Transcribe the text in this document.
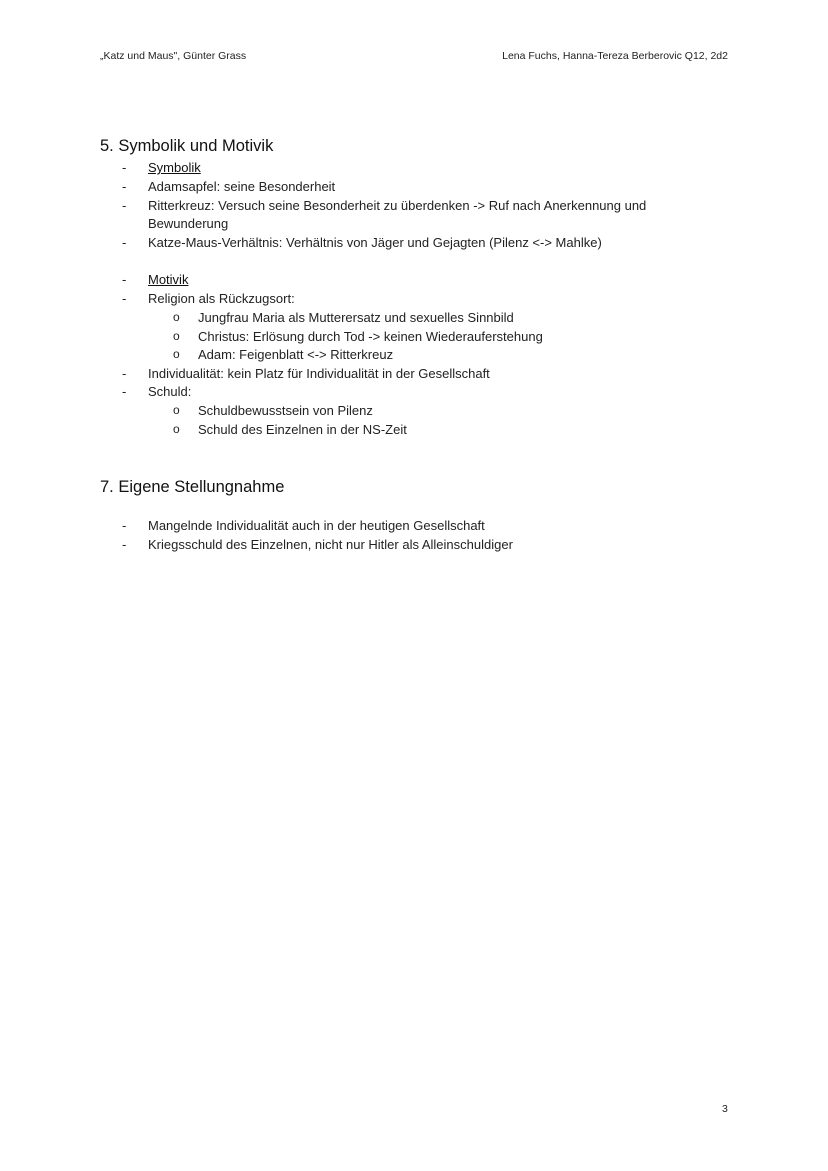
„Katz und Maus", Günter Grass	Lena Fuchs, Hanna-Tereza Berberovic Q12, 2d2
5. Symbolik und Motivik
-	Symbolik
-	Adamsapfel: seine Besonderheit
-	Ritterkreuz: Versuch seine Besonderheit zu überdenken -> Ruf nach Anerkennung und
Bewunderung
-	Katze-Maus-Verhältnis: Verhältnis von Jäger und Gejagten (Pilenz <-> Mahlke)
-	Motivik
-	Religion als Rückzugsort:
o Jungfrau Maria als Mutterersatz und sexuelles Sinnbild
o Christus: Erlösung durch Tod -> keinen Wiederauferstehung
o Adam: Feigenblatt <-> Ritterkreuz
-	Individualität: kein Platz für Individualität in der Gesellschaft
-	Schuld:
o Schuldbewusstsein von Pilenz
o Schuld des Einzelnen in der NS-Zeit
7. Eigene Stellungnahme
-	Mangelnde Individualität auch in der heutigen Gesellschaft
-	Kriegsschuld des Einzelnen, nicht nur Hitler als Alleinschuldiger
3
